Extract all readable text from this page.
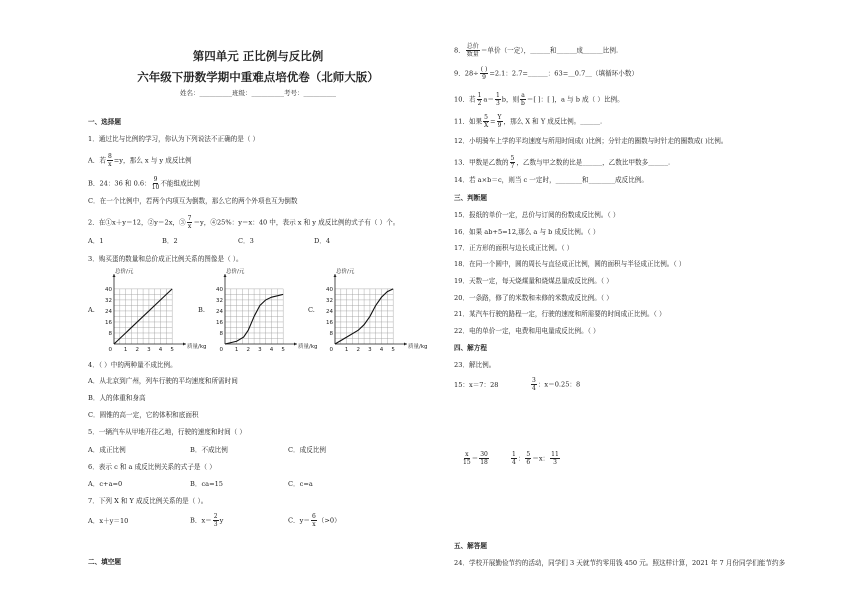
第四单元 正比例与反比例
六年级下册数学期中重难点培优卷（北师大版）
姓名：__________班级：__________考号：__________
一、选择题
1．通过比与比例的学习，你认为下列说法不正确的是（ ）
A．若 $\frac{8}{x} =y$，那么 x 与 y 成反比例
B．24：36 和 0.6： $\frac{9}{10}$ 不能组成比例
C．在一个比例中，若两个内项互为倒数，那么它的两个外项也互为倒数
2．在①x＋y＝12，②y＝2x，③ $\frac{7}{x} =y$，④25%：y＝x：40 中，表示 x 和 y 成反比例的式子有（ ）个。
A．1	B．2	C．3	D．4
3．购买蛋的数量和总价成正比例关系的图像是（ ）。
A.	B.	C.
8
16
24
32
40
1 2 3 4 5
0
总价/元
质量/kg
8
16
24
32
40
1 2 3 4 5
0
总价/元
质量/kg
8
16
24
32
40
1 2 3 4 5
0
总价/元
质量/kg
4．（ ）中的两种量不成比例。
A．从北京到广州，列车行驶的平均速度和所需时间
B．人的体重和身高
C．圆锥的高一定，它的体积和底面积
5．一辆汽车从甲地开往乙地，行驶的速度和时间（ ）
A．成正比例	B．不成比例	C．成反比例
6．表示 c 和 a 成反比例关系的式子是（ ）
A．c+a=0	B．ca=15	C．c=a
7．下列 X 和 Y 成反比例关系的是（ ）。
A．x＋y＝10	B．$x= \frac{2}{3}$ y	C．$y= \frac{6}{x} (>0)$
二、填空题
8． $\frac{\text{总价}}{\text{数量}}$ ＝单价（一定），______和______成______比例.
9．$28\div \frac{( )}{9} =2.1$：2.7=______：63=__0.7__（填循环小数）
10．若 $\frac{1}{2} a= \frac{1}{3}$ b，则 $\frac{a}{b}$ ＝[ ]：[ ]，a 与 b 成（ ）比例。
11．如果 $\frac{5}{X} = \frac{Y}{9}$ ，那么 X 和 Y 成反比例。______.
12．小明骑车上学的平均速度与所用时间成( )比例；分针走的圈数与时针走的圈数成( )比例。
13．甲数是乙数的 $\frac{5}{7}$ ，乙数与甲之数的比是______，乙数比甲数多______.
14．若 a×b＝c，则当 c 一定时，________和________成反比例。
三、判断题
15．报纸的单价一定，总价与订阅的份数成反比例。（ ）
16．如果 ab+5=12,那么 a 与 b 成反比例。（ ）
17．正方形的面积与边长成正比例。（ ）
18．在同一个圆中，圆的周长与直径成正比例，圆的面积与半径成正比例。（ ）
19．天数一定，每天烧煤量和烧煤总量成反比例。（ ）
20．一条路，修了的米数和未修的米数成反比例。（ ）
21．某汽车行驶的路程一定，行驶的速度和所需要的时间成正比例。（ ）
22．电的单价一定，电费和用电量成反比例。（ ）
四、解方程
23．解比例。
15：x＝7：28	$\frac{3}{4}$ ：x＝0.25：8
$\frac{x}{15} = \frac{30}{18}$	$\frac{1}{4}$ ： $\frac{5}{6} =x$： $\frac{11}{3}$
五、解答题
24．学校开展勤俭节约的活动，同学们 3 天就节约零用钱 450 元。照这样计算，2021 年 7 月份同学们能节约多
